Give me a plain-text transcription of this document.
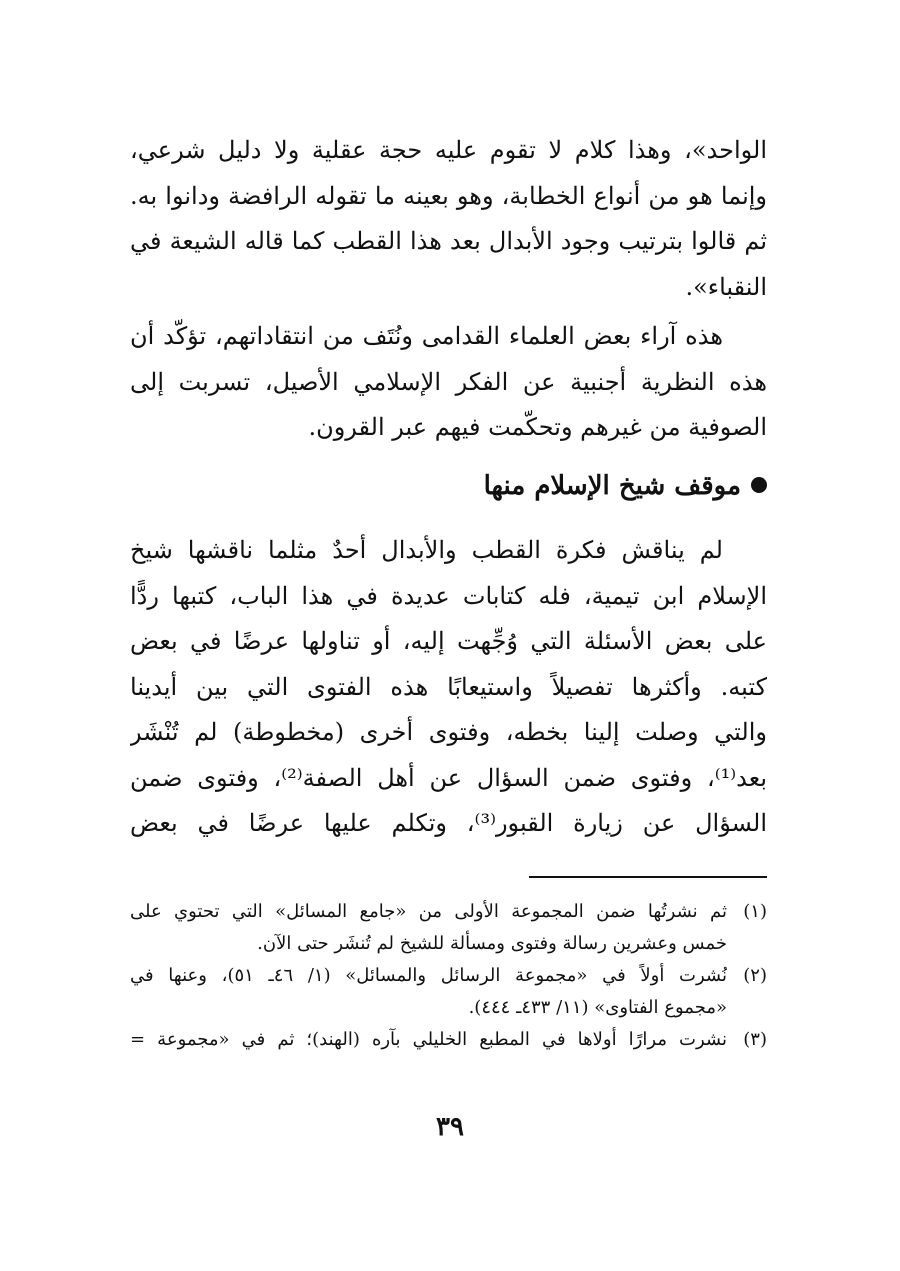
الواحد»، وهذا كلام لا تقوم عليه حجة عقلية ولا دليل شرعي،
وإنما هو من أنواع الخطابة، وهو بعينه ما تقوله الرافضة ودانوا به.
ثم قالوا بترتيب وجود الأبدال بعد هذا القطب كما قاله الشيعة في
النقباء».
هذه آراء بعض العلماء القدامى ونُتَف من انتقاداتهم، تؤكّد أن
هذه النظرية أجنبية عن الفكر الإسلامي الأصيل، تسربت إلى
الصوفية من غيرهم وتحكّمت فيهم عبر القرون.
موقف شيخ الإسلام منها
لم يناقش فكرة القطب والأبدال أحدٌ مثلما ناقشها شيخ
الإسلام ابن تيمية، فله كتابات عديدة في هذا الباب، كتبها ردًّا
على بعض الأسئلة التي وُجِّهت إليه، أو تناولها عرضًا في بعض
كتبه. وأكثرها تفصيلاً واستيعابًا هذه الفتوى التي بين أيدينا
والتي وصلت إلينا بخطه، وفتوى أخرى (مخطوطة) لم تُنْشَر
بعد⁽¹⁾، وفتوى ضمن السؤال عن أهل الصفة⁽²⁾، وفتوى ضمن
السؤال عن زيارة القبور⁽³⁾، وتكلم عليها عرضًا في بعض
(١)
ثم نشرتُها ضمن المجموعة الأولى من «جامع المسائل» التي تحتوي على
خمس وعشرين رسالة وفتوى ومسألة للشيخ لم تُنشَر حتى الآن.
(٢)
نُشرت أولاً في «مجموعة الرسائل والمسائل» (١/ ٤٦ـ ٥١)، وعنها في
«مجموع الفتاوى» (١١/ ٤٣٣ـ ٤٤٤).
(٣)
نشرت مرارًا أولاها في المطبع الخليلي بآره (الهند)؛ ثم في «مجموعة =
٣٩
